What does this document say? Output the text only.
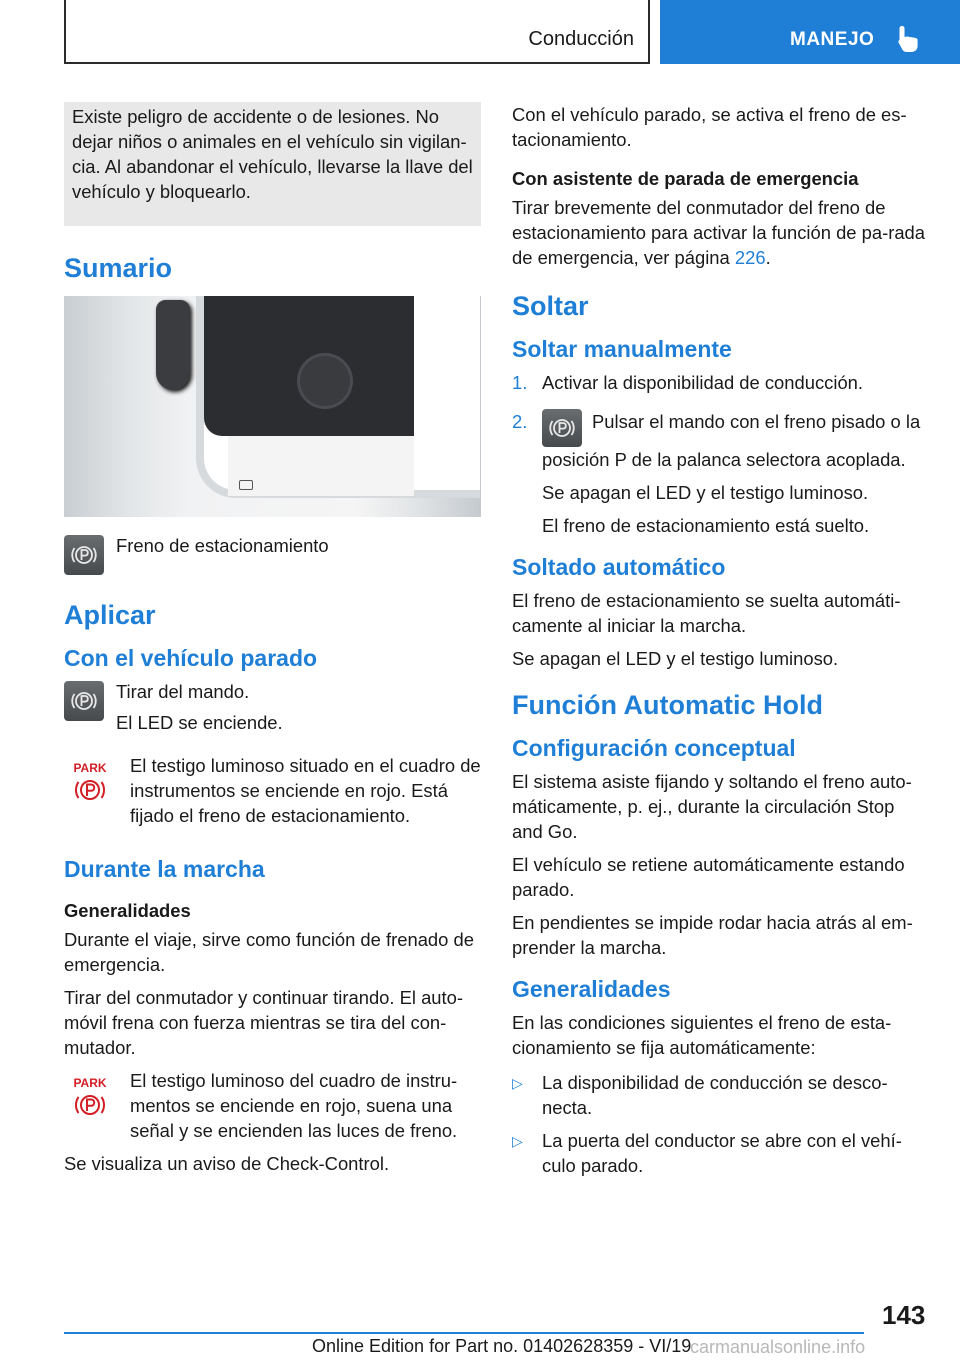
Conducción	MANEJO

Existe peligro de accidente o de lesiones. No dejar niños o animales en el vehículo sin vigilan‐cia. Al abandonar el vehículo, llevarse la llave del vehículo y bloquearlo.

Sumario

Freno de estacionamiento

Aplicar
Con el vehículo parado

Tirar del mando.

El LED se enciende.

PARK El testigo luminoso situado en el cuadro de instrumentos se enciende en rojo. Está fijado el freno de estacionamiento.

Durante la marcha
Generalidades

Durante el viaje, sirve como función de frenado de emergencia.

Tirar del conmutador y continuar tirando. El auto‐móvil frena con fuerza mientras se tira del con‐mutador.

PARK El testigo luminoso del cuadro de instru‐mentos se enciende en rojo, suena una señal y se encienden las luces de freno.

Se visualiza un aviso de Check-Control.

Con el vehículo parado, se activa el freno de es‐tacionamiento.

Con asistente de parada de emergencia

Tirar brevemente del conmutador del freno de estacionamiento para activar la función de pa‐rada de emergencia, ver página 226.

Soltar
Soltar manualmente
1. Activar la disponibilidad de conducción.
2.	Pulsar el mando con el freno pisado o la posición P de la palanca selectora acoplada.

Se apagan el LED y el testigo luminoso.

El freno de estacionamiento está suelto.

Soltado automático

El freno de estacionamiento se suelta automáti‐camente al iniciar la marcha.

Se apagan el LED y el testigo luminoso.

Función Automatic Hold
Configuración conceptual

El sistema asiste fijando y soltando el freno auto‐máticamente, p. ej., durante la circulación Stop and Go.

El vehículo se retiene automáticamente estando parado.

En pendientes se impide rodar hacia atrás al em‐prender la marcha.

Generalidades

En las condiciones siguientes el freno de esta‐cionamiento se fija automáticamente:

▷ La disponibilidad de conducción se desco‐necta.
▷ La puerta del conductor se abre con el vehí‐culo parado.
143
Online Edition for Part no. 01402628359 - VI/19
carmanualsonline.info
